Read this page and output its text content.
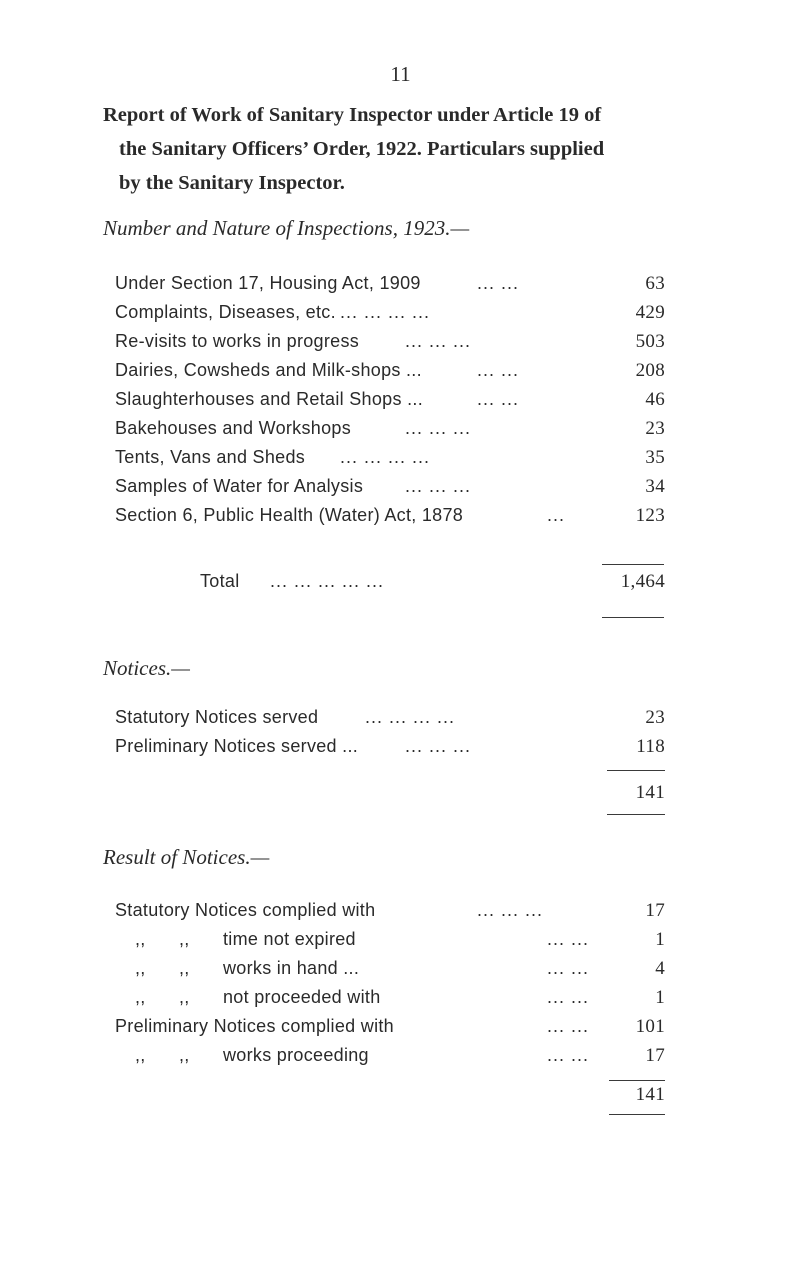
11
Report of Work of Sanitary Inspector under Article 19 of
the Sanitary Officers’ Order, 1922. Particulars supplied
by the Sanitary Inspector.
Number and Nature of Inspections, 1923.—
Under Section 17, Housing Act, 1909	... ...	63
Complaints, Diseases, etc. ... ... ... ...	429
Re-visits to works in progress	... ... ...	503
Dairies, Cowsheds and Milk-shops ...	... ...	208
Slaughterhouses and Retail Shops ...	... ...	46
Bakehouses and Workshops	... ... ...	23
Tents, Vans and Sheds ... ... ... ...	35
Samples of Water for Analysis ... ... ...	34
Section 6, Public Health (Water) Act, 1878	...	123
Total ... ... ... ... ...	1,464
Notices.—
Statutory Notices served	... ... ... ...	23
Preliminary Notices served ...	... ... ...	118
141
Result of Notices.—
Statutory Notices complied with	... ... ...	17
,, ,, time not expired	... ...	1
,, ,, works in hand ...	... ...	4
,, ,, not proceeded with	... ...	1
Preliminary Notices complied with	... ... 101
,, ,, works proceeding	... ...	17
141
